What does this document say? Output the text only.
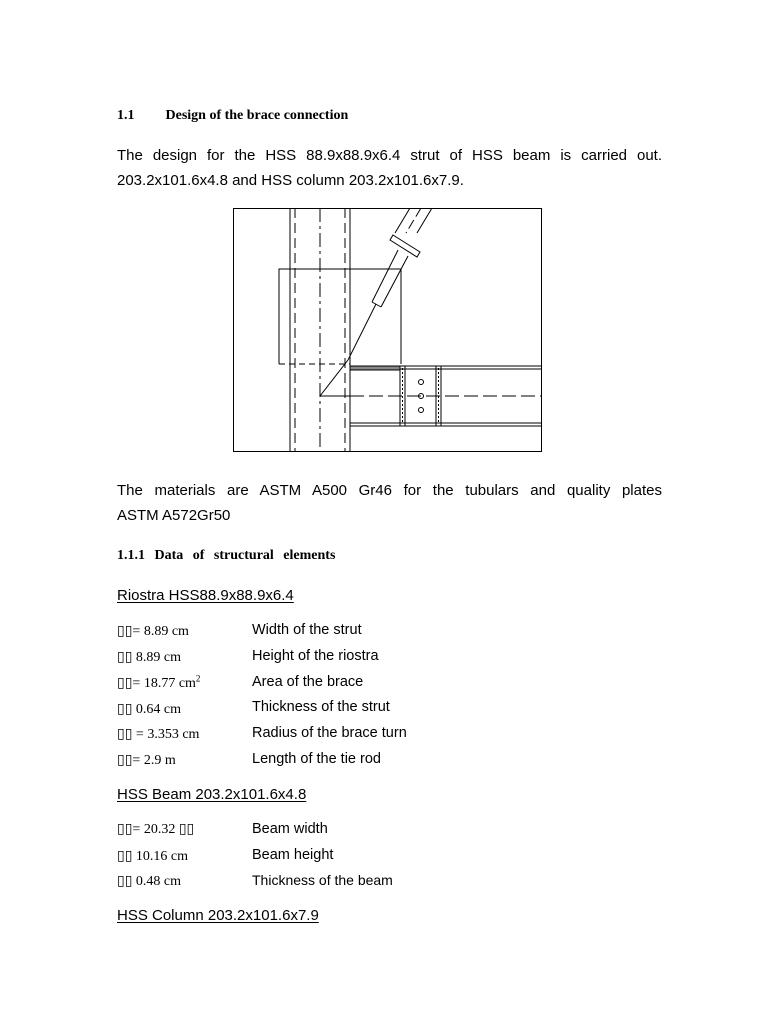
1.1 Design of the brace connection
The design for the HSS 88.9x88.9x6.4 strut of HSS beam is carried out.
203.2x101.6x4.8 and HSS column 203.2x101.6x7.9.
The materials are ASTM A500 Gr46 for the tubulars and quality plates
ASTM A572Gr50
1.1.1 Data of structural elements
Riostra HSS88.9x88.9x6.4
▯▯= 8.89 cm	Width of the strut
▯▯ 8.89 cm	Height of the riostra
▯▯= 18.77 $cm^2$	Area of the brace
▯▯ 0.64 cm	Thickness of the strut
▯▯ = 3.353 cm	Radius of the brace turn
▯▯= 2.9 m	Length of the tie rod
HSS Beam 203.2x101.6x4.8
▯▯= 20.32 ▯▯	Beam width
▯▯ 10.16 cm	Beam height
▯▯ 0.48 cm	Thickness of the beam
HSS Column 203.2x101.6x7.9
